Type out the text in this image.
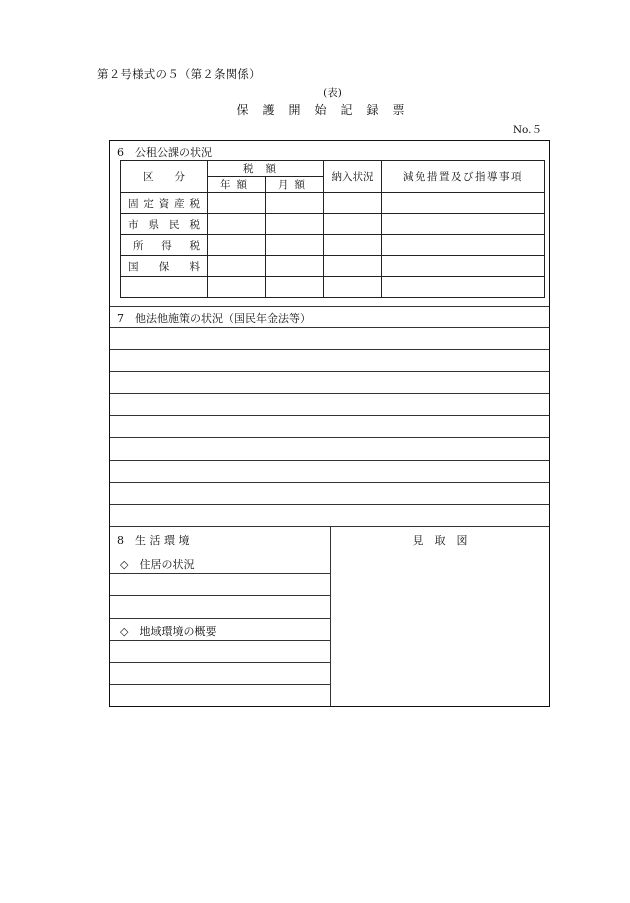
第２号様式の５（第２条関係）
(表)
保護開始記録票
No.５
6　公租公課の状況
区　　分	税額		納入状況	減免措置及び指導事項
	年額	月額		
固定資産税				
市県民税				
所得税				
国保料				

7　他法他施策の状況（国民年金法等）
8　生 活 環 境	見　取　図
◇　住居の状況
◇　地域環境の概要
